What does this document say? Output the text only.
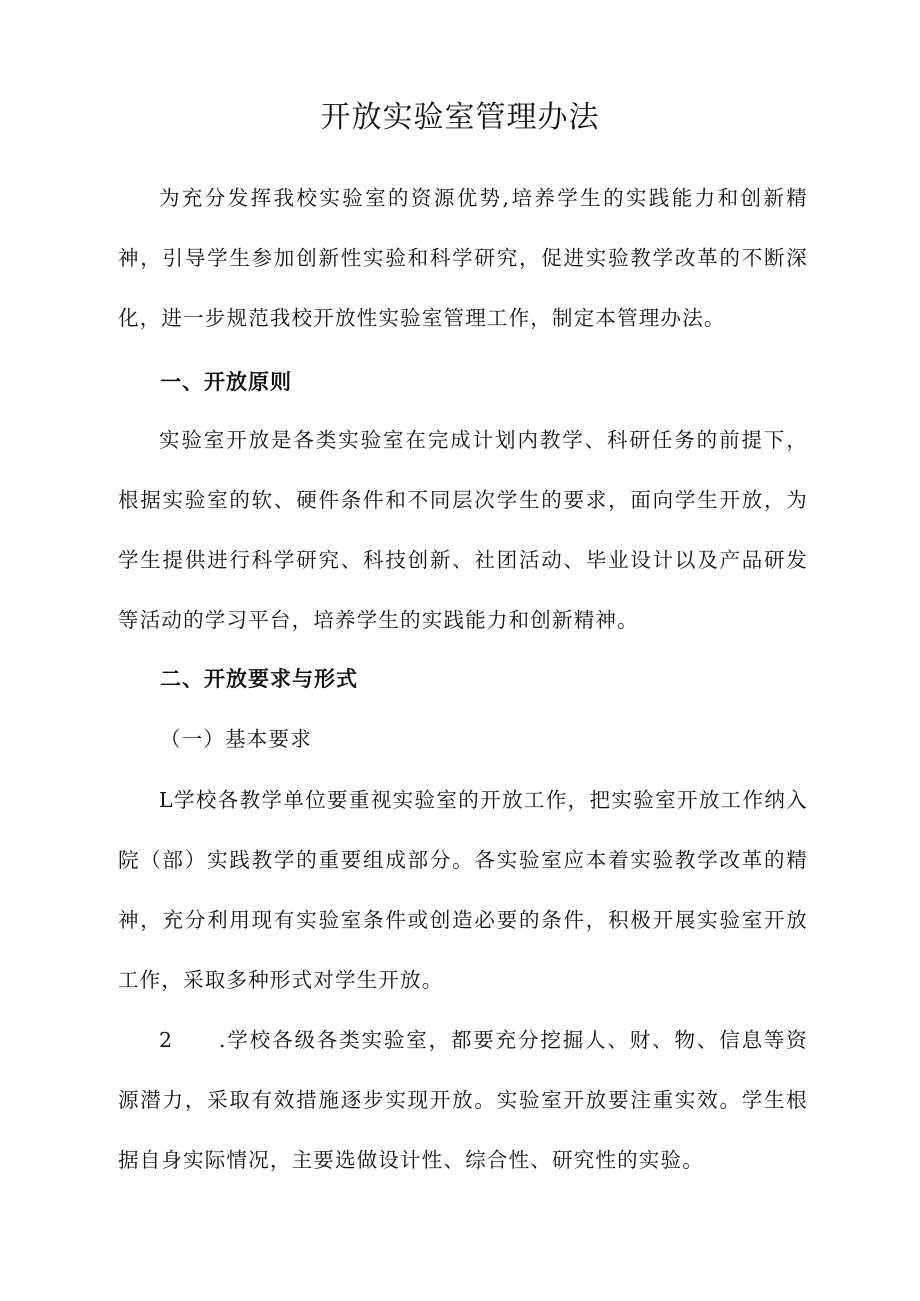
开放实验室管理办法

为充分发挥我校实验室的资源优势,培养学生的实践能力和创新精神，引导学生参加创新性实验和科学研究，促进实验教学改革的不断深化，进一步规范我校开放性实验室管理工作，制定本管理办法。

一、开放原则

实验室开放是各类实验室在完成计划内教学、科研任务的前提下，根据实验室的软、硬件条件和不同层次学生的要求，面向学生开放，为学生提供进行科学研究、科技创新、社团活动、毕业设计以及产品研发等活动的学习平台，培养学生的实践能力和创新精神。

二、开放要求与形式
（一）基本要求

L学校各教学单位要重视实验室的开放工作，把实验室开放工作纳入院（部）实践教学的重要组成部分。各实验室应本着实验教学改革的精神，充分利用现有实验室条件或创造必要的条件，积极开展实验室开放工作，采取多种形式对学生开放。

2 .学校各级各类实验室，都要充分挖掘人、财、物、信息等资源潜力，采取有效措施逐步实现开放。实验室开放要注重实效。学生根据自身实际情况，主要选做设计性、综合性、研究性的实验。
